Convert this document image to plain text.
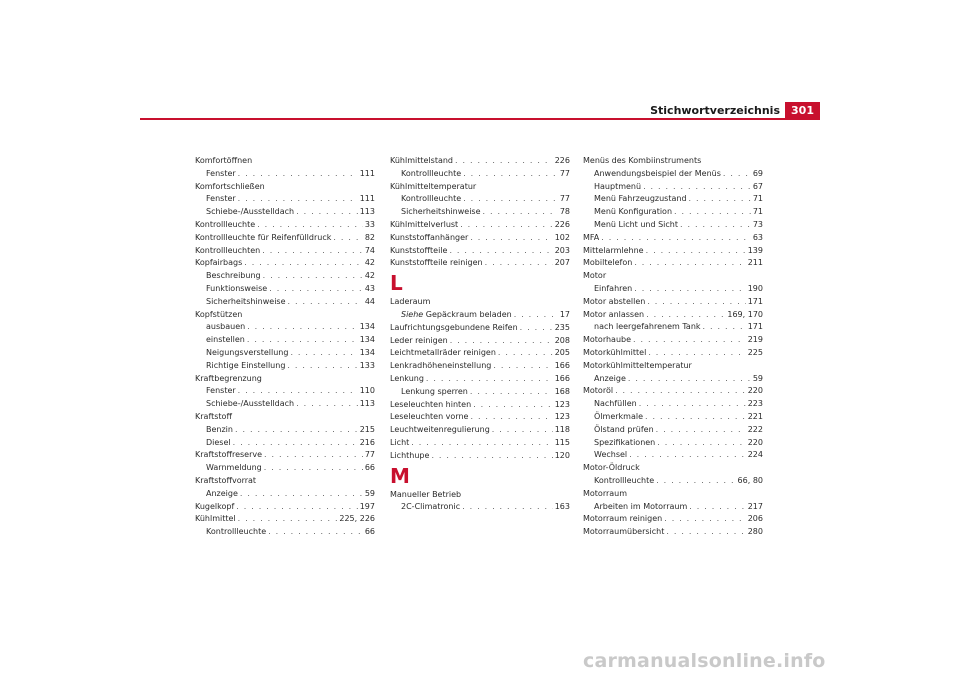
Stichwortverzeichnis 301
Komfortöffnen
Fenster . . .	111
Komfortschließen
Fenster . . .	111
Schiebe-/Ausstelldach . . .	113
Kontrollleuchte . . .	33
Kontrollleuchte für Reifenfülldruck . . .	82
Kontrollleuchten . . .	74
Kopfairbags . . .	42
Beschreibung . . .	42
Funktionsweise . . .	43
Sicherheitshinweise . . .	44
Kopfstützen
ausbauen . . .	134
einstellen . . .	134
Neigungsverstellung . . .	134
Richtige Einstellung . . .	133
Kraftbegrenzung
Fenster . . .	110
Schiebe-/Ausstelldach . . .	113
Kraftstoff
Benzin . . .	215
Diesel . . .	216
Kraftstoffreserve . . .	77
Warnmeldung . . .	66
Kraftstoffvorrat
Anzeige . . .	59
Kugelkopf . . .	197
Kühlmittel . . .	225, 226
Kontrollleuchte . . .	66
Kühlmittelstand . . .	226
Kontrollleuchte . . .	77
Kühlmitteltemperatur
Kontrollleuchte . . .	77
Sicherheitshinweise . . .	78
Kühlmittelverlust . . .	226
Kunststoffanhänger . . .	102
Kunststoffteile . . .	203
Kunststoffteile reinigen . . .	207
L
Laderaum
Siehe Gepäckraum beladen . . .	17
Laufrichtungsgebundene Reifen . . .	235
Leder reinigen . . .	208
Leichtmetallräder reinigen . . .	205
Lenkradhöheneinstellung . . .	166
Lenkung . . .	166
Lenkung sperren . . .	168
Leseleuchten hinten . . .	123
Leseleuchten vorne . . .	123
Leuchtweitenregulierung . . .	118
Licht . . .	115
Lichthupe . . .	120
M
Manueller Betrieb
2C-Climatronic . . .	163
Menüs des Kombiinstruments
Anwendungsbeispiel der Menüs . . .	69
Hauptmenü . . .	67
Menü Fahrzeugzustand . . .	71
Menü Konfiguration . . .	71
Menü Licht und Sicht . . .	73
MFA . . .	63
Mittelarmlehne . . .	139
Mobiltelefon . . .	211
Motor
Einfahren . . .	190
Motor abstellen . . .	171
Motor anlassen . . .	169, 170
nach leergefahrenem Tank . . .	171
Motorhaube . . .	219
Motorkühlmittel . . .	225
Motorkühlmitteltemperatur
Anzeige . . .	59
Motoröl . . .	220
Nachfüllen . . .	223
Ölmerkmale . . .	221
Ölstand prüfen . . .	222
Spezifikationen . . .	220
Wechsel . . .	224
Motor-Öldruck
Kontrollleuchte . . .	66, 80
Motorraum
Arbeiten im Motorraum . . .	217
Motorraum reinigen . . .	206
Motorraumübersicht . . .	280
carmanualsonline.info
